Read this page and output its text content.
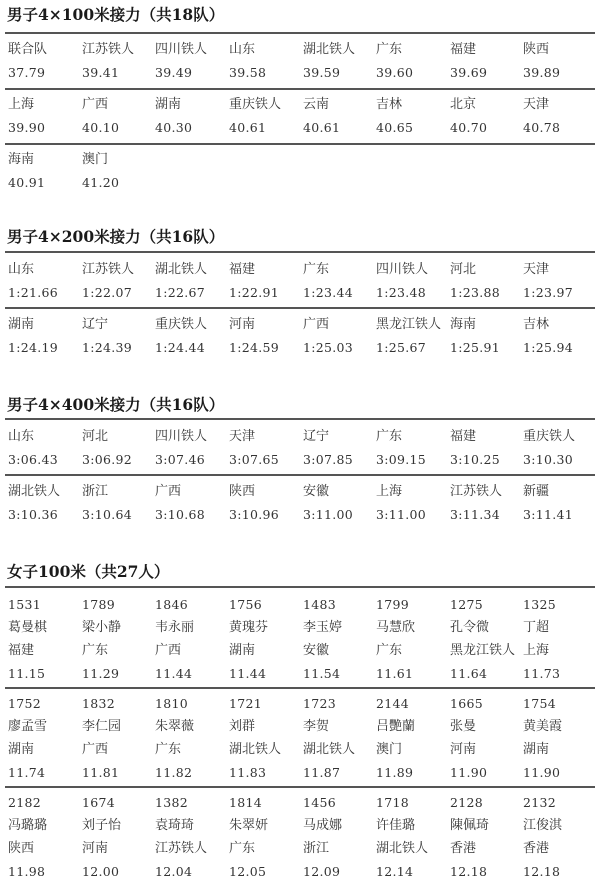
男子4×100米接力（共18队）
联合队
37.79
江苏铁人
39.41
四川铁人
39.49
山东
39.58
湖北铁人
39.59
广东
39.60
福建
39.69
陕西
39.89
上海
39.90
广西
40.10
湖南
40.30
重庆铁人
40.61
云南
40.61
吉林
40.65
北京
40.70
天津
40.78
海南
40.91
澳门
41.20
男子4×200米接力（共16队）
山东
1:21.66
江苏铁人
1:22.07
湖北铁人
1:22.67
福建
1:22.91
广东
1:23.44
四川铁人
1:23.48
河北
1:23.88
天津
1:23.97
湖南
1:24.19
辽宁
1:24.39
重庆铁人
1:24.44
河南
1:24.59
广西
1:25.03
黑龙江铁人
1:25.67
海南
1:25.91
吉林
1:25.94
男子4×400米接力（共16队）
山东
3:06.43
河北
3:06.92
四川铁人
3:07.46
天津
3:07.65
辽宁
3:07.85
广东
3:09.15
福建
3:10.25
重庆铁人
3:10.30
湖北铁人
3:10.36
浙江
3:10.64
广西
3:10.68
陕西
3:10.96
安徽
3:11.00
上海
3:11.00
江苏铁人
3:11.34
新疆
3:11.41
女子100米（共27人）
1531
葛曼棋
福建
11.15
1789
梁小静
广东
11.29
1846
韦永丽
广西
11.44
1756
黄瑰芬
湖南
11.44
1483
李玉婷
安徽
11.54
1799
马慧欣
广东
11.61
1275
孔令微
黑龙江铁人
11.64
1325
丁超
上海
11.73
1752
廖孟雪
湖南
11.74
1832
李仁园
广西
11.81
1810
朱翠薇
广东
11.82
1721
刘群
湖北铁人
11.83
1723
李贺
湖北铁人
11.87
2144
吕艷蘭
澳门
11.89
1665
张曼
河南
11.90
1754
黄美霞
湖南
11.90
2182
冯璐璐
陕西
11.98
1674
刘子怡
河南
12.00
1382
袁琦琦
江苏铁人
12.04
1814
朱翠妍
广东
12.05
1456
马成娜
浙江
12.09
1718
许佳璐
湖北铁人
12.14
2128
陳佩琦
香港
12.18
2132
江俊淇
香港
12.18
